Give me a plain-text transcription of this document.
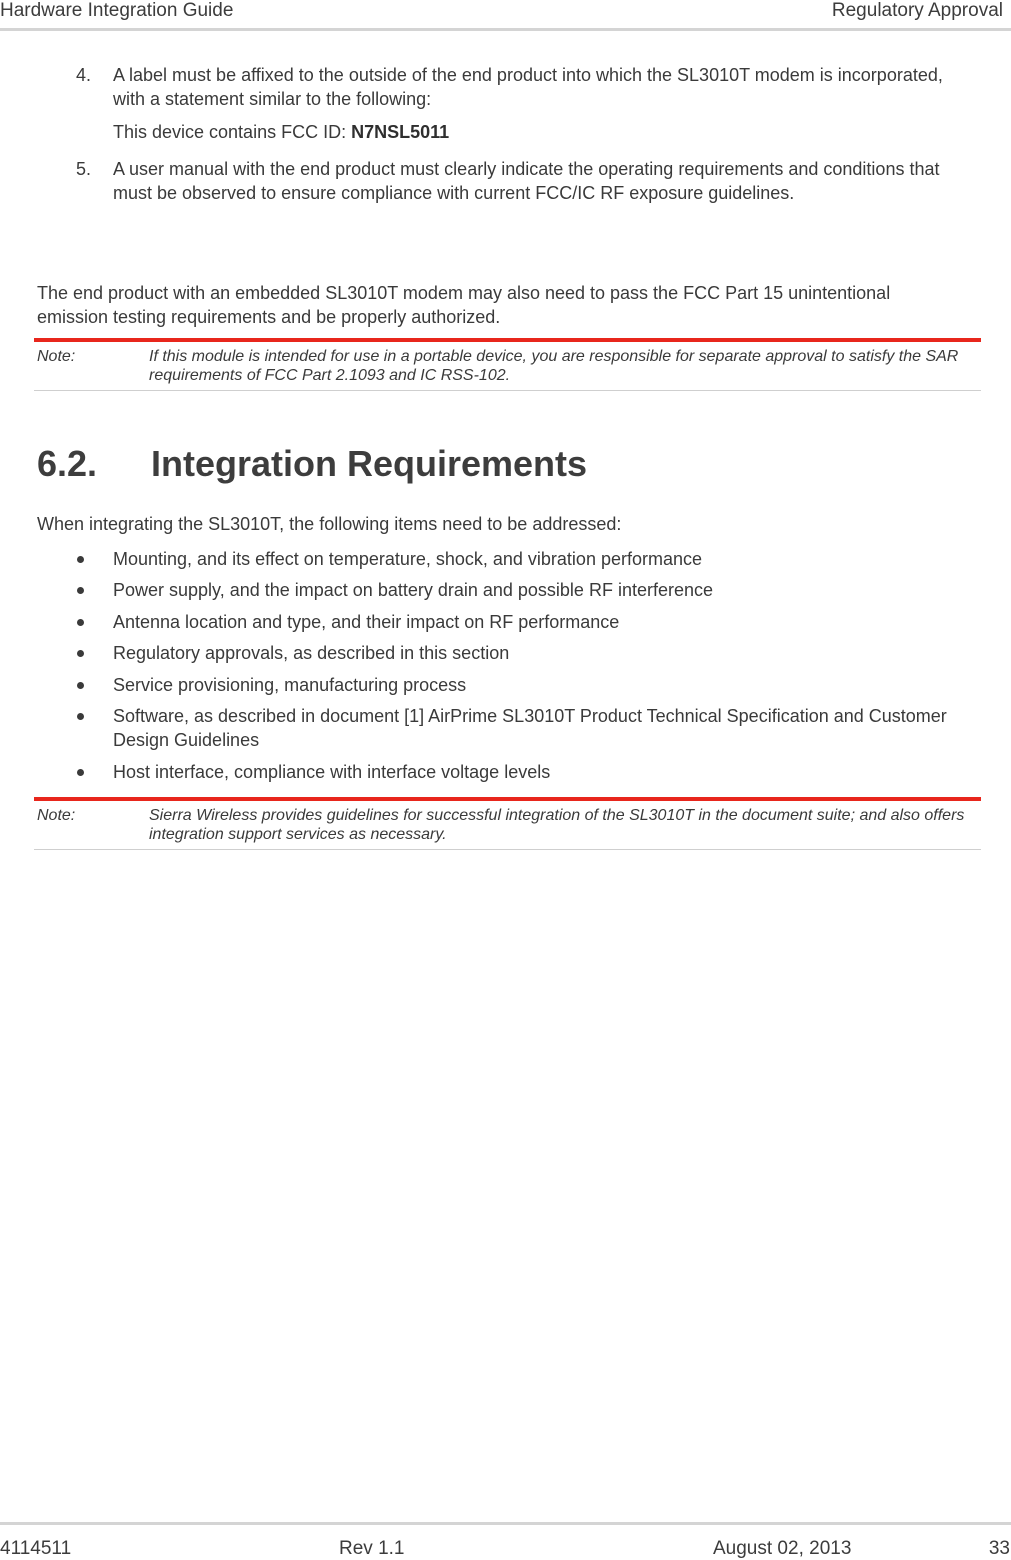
Hardware Integration Guide	Regulatory Approval
4. A label must be affixed to the outside of the end product into which the SL3010T modem is incorporated, with a statement similar to the following:
This device contains FCC ID: N7NSL5011
5. A user manual with the end product must clearly indicate the operating requirements and conditions that must be observed to ensure compliance with current FCC/IC RF exposure guidelines.
The end product with an embedded SL3010T modem may also need to pass the FCC Part 15 unintentional emission testing requirements and be properly authorized.
Note:	If this module is intended for use in a portable device, you are responsible for separate approval to satisfy the SAR requirements of FCC Part 2.1093 and IC RSS-102.
6.2. Integration Requirements
When integrating the SL3010T, the following items need to be addressed:
Mounting, and its effect on temperature, shock, and vibration performance
Power supply, and the impact on battery drain and possible RF interference
Antenna location and type, and their impact on RF performance
Regulatory approvals, as described in this section
Service provisioning, manufacturing process
Software, as described in document [1] AirPrime SL3010T Product Technical Specification and Customer Design Guidelines
Host interface, compliance with interface voltage levels
Note:	Sierra Wireless provides guidelines for successful integration of the SL3010T in the document suite; and also offers integration support services as necessary.
4114511	Rev 1.1	August 02, 2013	33
